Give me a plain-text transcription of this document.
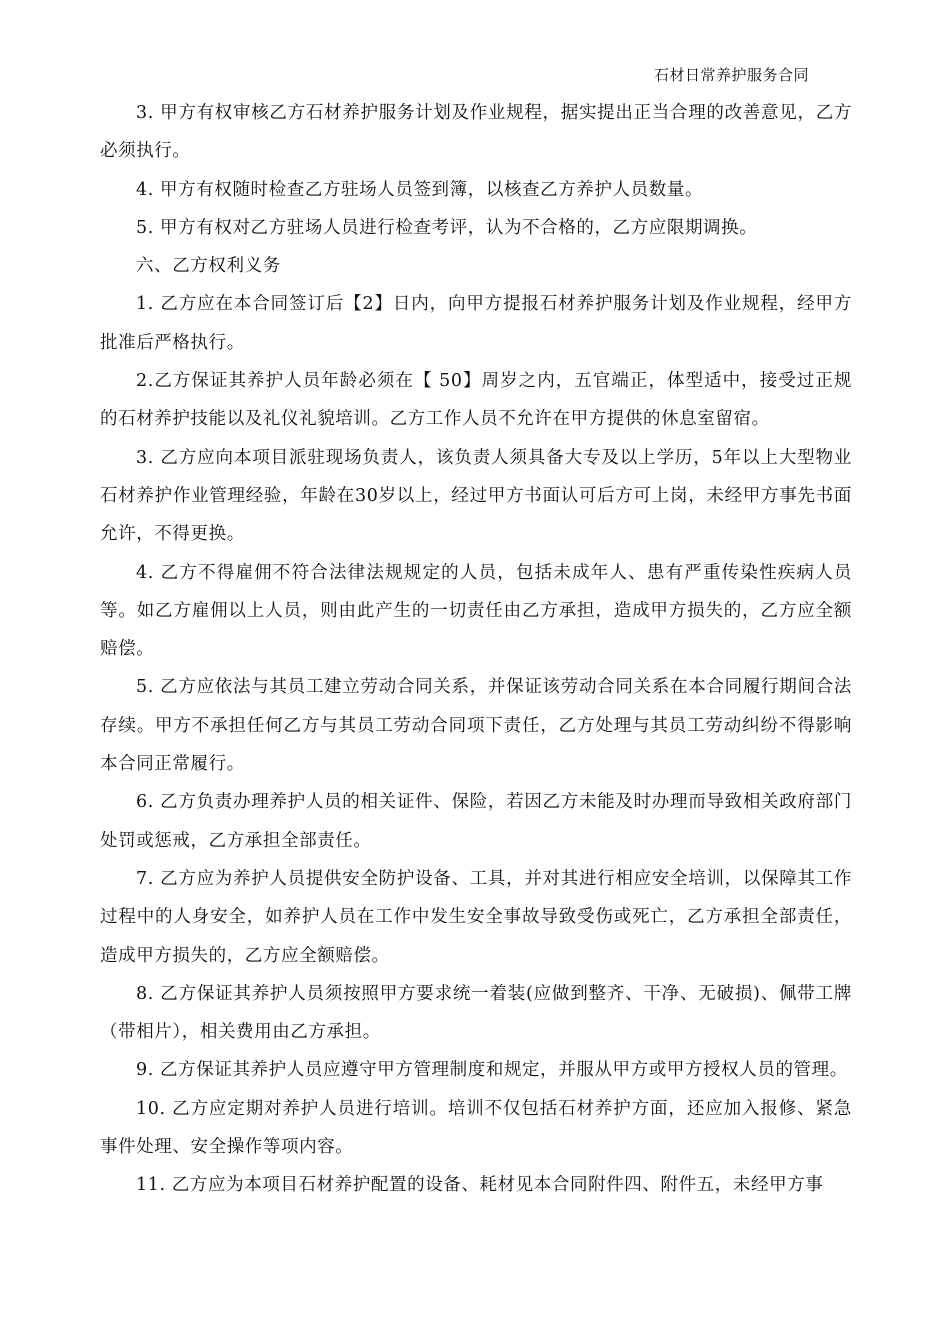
石材日常养护服务合同

3. 甲方有权审核乙方石材养护服务计划及作业规程，据实提出正当合理的改善意见，乙方必须执行。

4. 甲方有权随时检查乙方驻场人员签到簿，以核查乙方养护人员数量。

5. 甲方有权对乙方驻场人员进行检查考评，认为不合格的，乙方应限期调换。

六、乙方权利义务

1. 乙方应在本合同签订后【2】日内，向甲方提报石材养护服务计划及作业规程，经甲方批准后严格执行。

2.乙方保证其养护人员年龄必须在【 50】周岁之内，五官端正，体型适中，接受过正规的石材养护技能以及礼仪礼貌培训。乙方工作人员不允许在甲方提供的休息室留宿。

3. 乙方应向本项目派驻现场负责人，该负责人须具备大专及以上学历，5年以上大型物业石材养护作业管理经验，年龄在30岁以上，经过甲方书面认可后方可上岗，未经甲方事先书面允许，不得更换。

4. 乙方不得雇佣不符合法律法规规定的人员，包括未成年人、患有严重传染性疾病人员等。如乙方雇佣以上人员，则由此产生的一切责任由乙方承担，造成甲方损失的，乙方应全额赔偿。

5. 乙方应依法与其员工建立劳动合同关系，并保证该劳动合同关系在本合同履行期间合法存续。甲方不承担任何乙方与其员工劳动合同项下责任，乙方处理与其员工劳动纠纷不得影响本合同正常履行。

6. 乙方负责办理养护人员的相关证件、保险，若因乙方未能及时办理而导致相关政府部门处罚或惩戒，乙方承担全部责任。

7. 乙方应为养护人员提供安全防护设备、工具，并对其进行相应安全培训，以保障其工作过程中的人身安全，如养护人员在工作中发生安全事故导致受伤或死亡，乙方承担全部责任，造成甲方损失的，乙方应全额赔偿。

8. 乙方保证其养护人员须按照甲方要求统一着装(应做到整齐、干净、无破损)、佩带工牌（带相片），相关费用由乙方承担。

9. 乙方保证其养护人员应遵守甲方管理制度和规定，并服从甲方或甲方授权人员的管理。

10. 乙方应定期对养护人员进行培训。培训不仅包括石材养护方面，还应加入报修、紧急事件处理、安全操作等项内容。

11. 乙方应为本项目石材养护配置的设备、耗材见本合同附件四、附件五，未经甲方事
